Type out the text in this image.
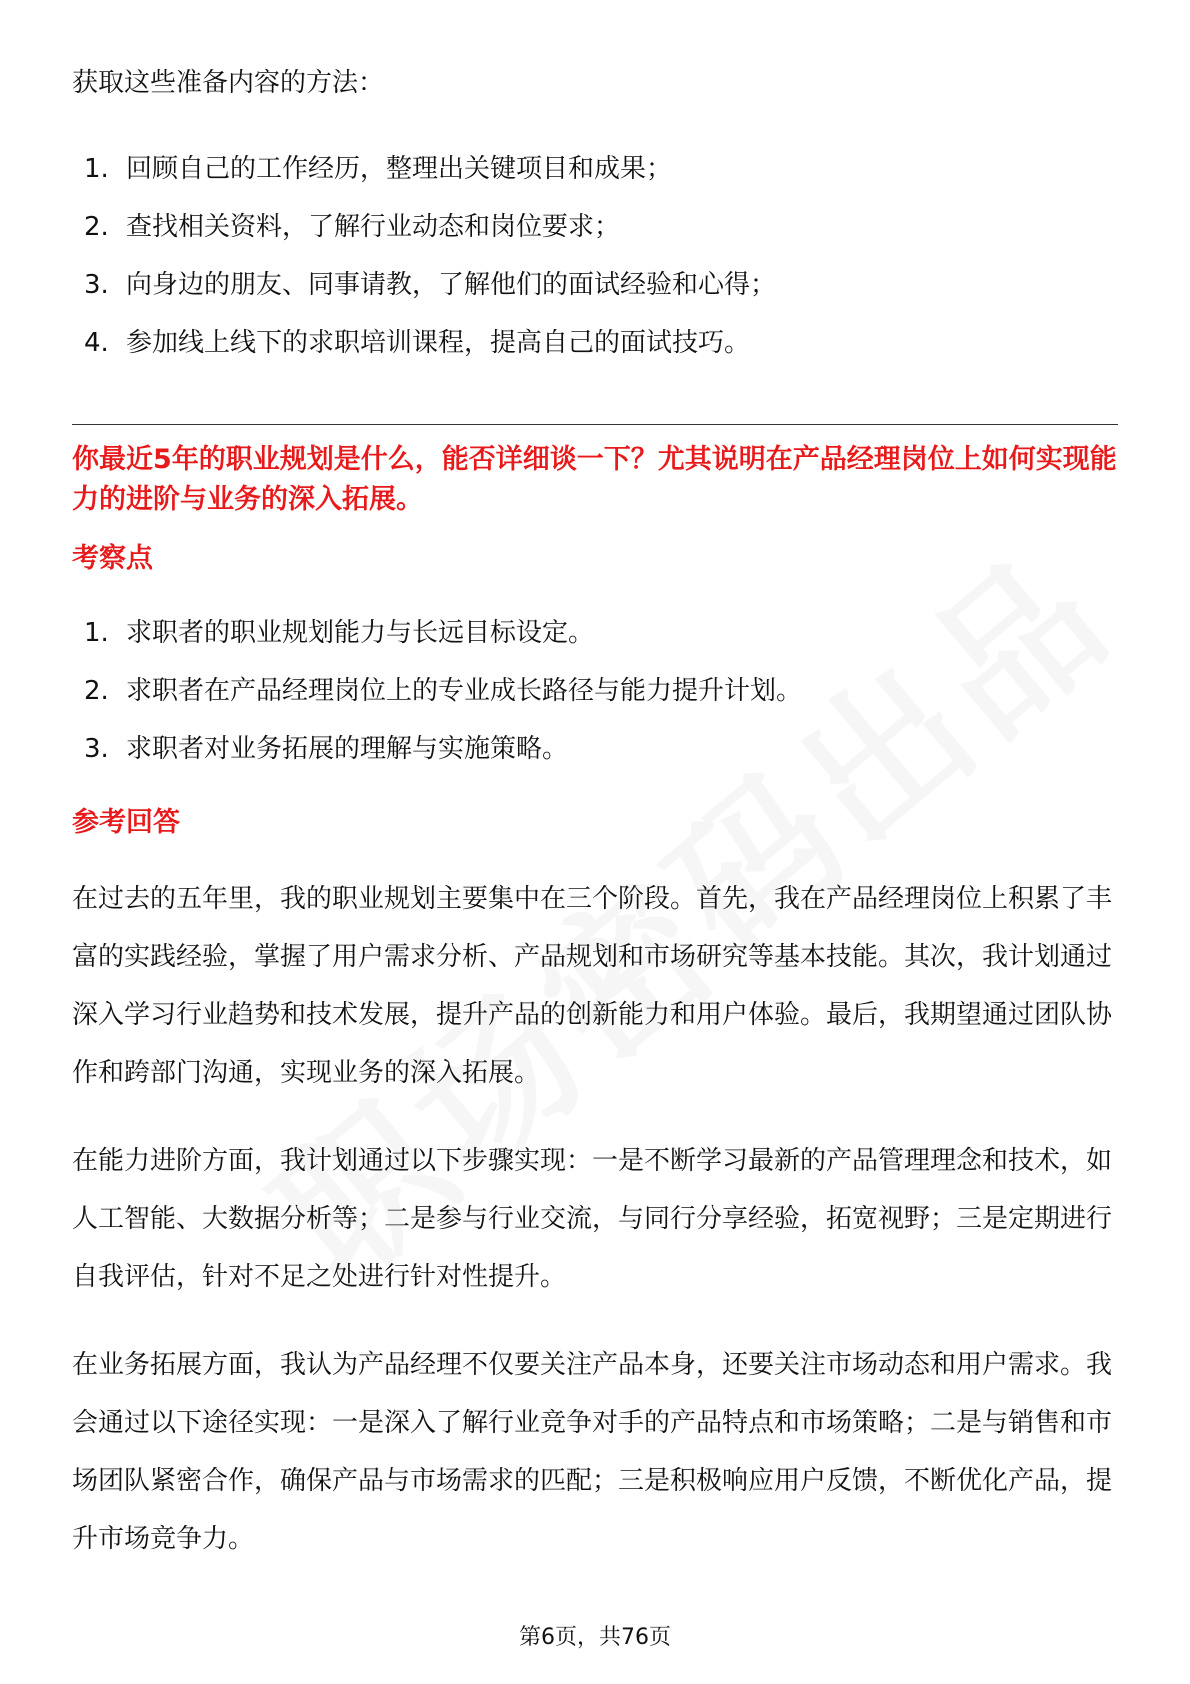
获取这些准备内容的方法：

1. 回顾自己的工作经历，整理出关键项目和成果；
2. 查找相关资料，了解行业动态和岗位要求；
3. 向身边的朋友、同事请教，了解他们的面试经验和心得；
4. 参加线上线下的求职培训课程，提高自己的面试技巧。

你最近5年的职业规划是什么，能否详细谈一下？尤其说明在产品经理岗位上如何实现能力的进阶与业务的深入拓展。

考察点

1. 求职者的职业规划能力与长远目标设定。
2. 求职者在产品经理岗位上的专业成长路径与能力提升计划。
3. 求职者对业务拓展的理解与实施策略。

参考回答

在过去的五年里，我的职业规划主要集中在三个阶段。首先，我在产品经理岗位上积累了丰富的实践经验，掌握了用户需求分析、产品规划和市场研究等基本技能。其次，我计划通过深入学习行业趋势和技术发展，提升产品的创新能力和用户体验。最后，我期望通过团队协作和跨部门沟通，实现业务的深入拓展。

在能力进阶方面，我计划通过以下步骤实现：一是不断学习最新的产品管理理念和技术，如人工智能、大数据分析等；二是参与行业交流，与同行分享经验，拓宽视野；三是定期进行自我评估，针对不足之处进行针对性提升。

在业务拓展方面，我认为产品经理不仅要关注产品本身，还要关注市场动态和用户需求。我会通过以下途径实现：一是深入了解行业竞争对手的产品特点和市场策略；二是与销售和市场团队紧密合作，确保产品与市场需求的匹配；三是积极响应用户反馈，不断优化产品，提升市场竞争力。

第6页，共76页
